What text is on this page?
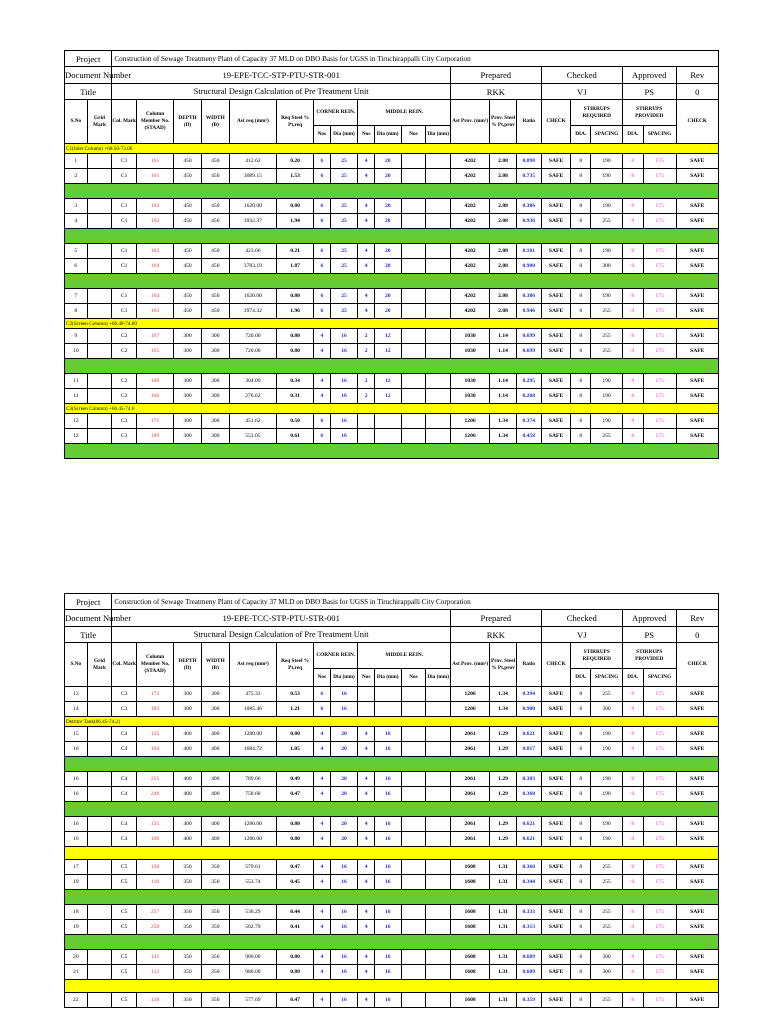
Project		Construction of Sewage Treatmeny Plant of Capacity 37 MLD on DBO Basis for UGSS in Tiruchirappalli City Corporation																				
Document Number		19-EPE-TCC-STP-PTU-STR-001												Prepared			Checked			Approved		Rev
Title		Structural Design Calculation of Pre Treatment Unit												RKK			VJ			PS		0
S.No	Grid Mark	Col. Mark	Column Member No. (STAAD)	DEPTH (D)	WIDTH (B)	Ast req (mm²)	Req Steel % Pt,req	CORNER REIN.		MIDDLE REIN.				Ast Prov. (mm²)	Prov. Steel % Pt,prov	Ratio	CHECK	STIRRUPS REQUIRED		STIRRUPS PROVIDED		CHECK
								Nos	Dia (mm)	Nos	Dia (mm)	Nos	Dia (mm)					DIA.	SPACING	DIA.	SPACING	
C1(Inlet Column) +68.50-73.00																						
1		C1	161	450	450	412.62	0.20	6	25	4	20			4202	2.08	0.098	SAFE	8	190	8	175	SAFE
2		C1	161	450	450	3089.15	1.53	6	25	4	20			4202	2.08	0.735	SAFE	8	190	8	175	SAFE

3		C1	163	450	450	1620.00	0.80	6	25	4	20			4202	2.08	0.386	SAFE	8	190	8	175	SAFE
4		C1	162	450	450	3932.37	1.94	6	25	4	20			4202	2.08	0.936	SAFE	8	255	8	175	SAFE

5		C1	162	450	450	423.66	0.21	6	25	4	20			4202	2.08	0.101	SAFE	8	190	8	175	SAFE
6		C1	164	450	450	3783.19	1.87	6	25	4	20			4202	2.08	0.900	SAFE	8	300	8	175	SAFE

7		C1	164	450	450	1620.00	0.80	6	25	4	20			4202	2.08	0.386	SAFE	8	190	8	175	SAFE
8		C1	163	450	450	3974.32	1.96	6	25	4	20			4202	2.08	0.946	SAFE	8	255	8	175	SAFE
C2(Screen Column) +66.40-74.60																						
9		C2	167	300	300	720.00	0.80	4	16	2	12			1030	1.14	0.699	SAFE	8	255	8	175	SAFE
10		C2	165	300	300	720.00	0.80	4	16	2	12			1030	1.14	0.699	SAFE	8	255	8	175	SAFE

11		C2	166	300	300	304.09	0.34	4	16	2	12			1030	1.14	0.295	SAFE	8	190	8	175	SAFE
11		C2	166	300	300	276.62	0.31	4	16	2	12			1030	1.14	0.268	SAFE	8	190	8	175	SAFE
C3(Screen Column) +66.45-74.6																						
12		C3	171	300	300	451.62	0.50	6	16					1206	1.34	0.374	SAFE	8	190	8	175	SAFE
12		C3	189	300	300	553.05	0.61	6	16					1206	1.34	0.458	SAFE	8	255	8	175	SAFE

Project		Construction of Sewage Treatmeny Plant of Capacity 37 MLD on DBO Basis for UGSS in Tiruchirappalli City Corporation																				
Document Number		19-EPE-TCC-STP-PTU-STR-001												Prepared			Checked			Approved		Rev
Title		Structural Design Calculation of Pre Treatment Unit												RKK			VJ			PS		0
S.No	Grid Mark	Col. Mark	Column Member No. (STAAD)	DEPTH (D)	WIDTH (B)	Ast req (mm²)	Req Steel % Pt,req	CORNER REIN.		MIDDLE REIN.				Ast Prov. (mm²)	Prov. Steel % Pt,prov	Ratio	CHECK	STIRRUPS REQUIRED		STIRRUPS PROVIDED		CHECK
								Nos	Dia (mm)	Nos	Dia (mm)	Nos	Dia (mm)					DIA.	SPACING	DIA.	SPACING	
13		C3	172	300	300	475.33	0.53	6	16					1206	1.34	0.394	SAFE	8	255	8	175	SAFE
14		C3	183	300	300	1085.46	1.21	6	16					1206	1.34	0.900	SAFE	8	300	8	175	SAFE
Detritor Tank(66.45-74.2)																						
15		C4	135	400	400	1280.00	0.80	4	20	4	16			2061	1.29	0.621	SAFE	8	190	8	175	SAFE
16		C4	104	400	400	1684.72	1.05	4	20	4	16			2061	1.29	0.817	SAFE	8	190	8	175	SAFE

16		C4	255	400	400	789.66	0.49	4	20	4	16			2061	1.29	0.383	SAFE	8	190	8	175	SAFE
16		C4	248	400	400	758.68	0.47	4	20	4	16			2061	1.29	0.368	SAFE	8	190	8	175	SAFE

16		C4	135	400	400	1280.00	0.80	4	20	4	16			2061	1.29	0.621	SAFE	8	190	8	175	SAFE
16		C4	106	400	400	1280.00	0.80	4	20	4	16			2061	1.29	0.621	SAFE	8	190	8	175	SAFE

17		C5	130	350	350	579.61	0.47	4	16	4	16			1608	1.31	0.360	SAFE	8	255	8	175	SAFE
19		C5	110	350	350	553.74	0.45	4	16	4	16			1608	1.31	0.344	SAFE	8	255	8	175	SAFE

18		C5	257	350	350	536.29	0.44	4	16	4	16			1608	1.31	0.333	SAFE	8	255	8	175	SAFE
19		C5	250	350	350	502.79	0.41	4	16	4	16			1608	1.31	0.313	SAFE	8	255	8	175	SAFE

20		C5	141	350	350	980.00	0.80	4	16	4	16			1608	1.31	0.609	SAFE	8	300	8	175	SAFE
21		C5	112	350	350	980.00	0.80	4	16	4	16			1608	1.31	0.609	SAFE	8	300	8	175	SAFE

22		C5	138	350	350	577.69	0.47	4	16	4	16			1608	1.31	0.359	SAFE	8	255	8	175	SAFE
